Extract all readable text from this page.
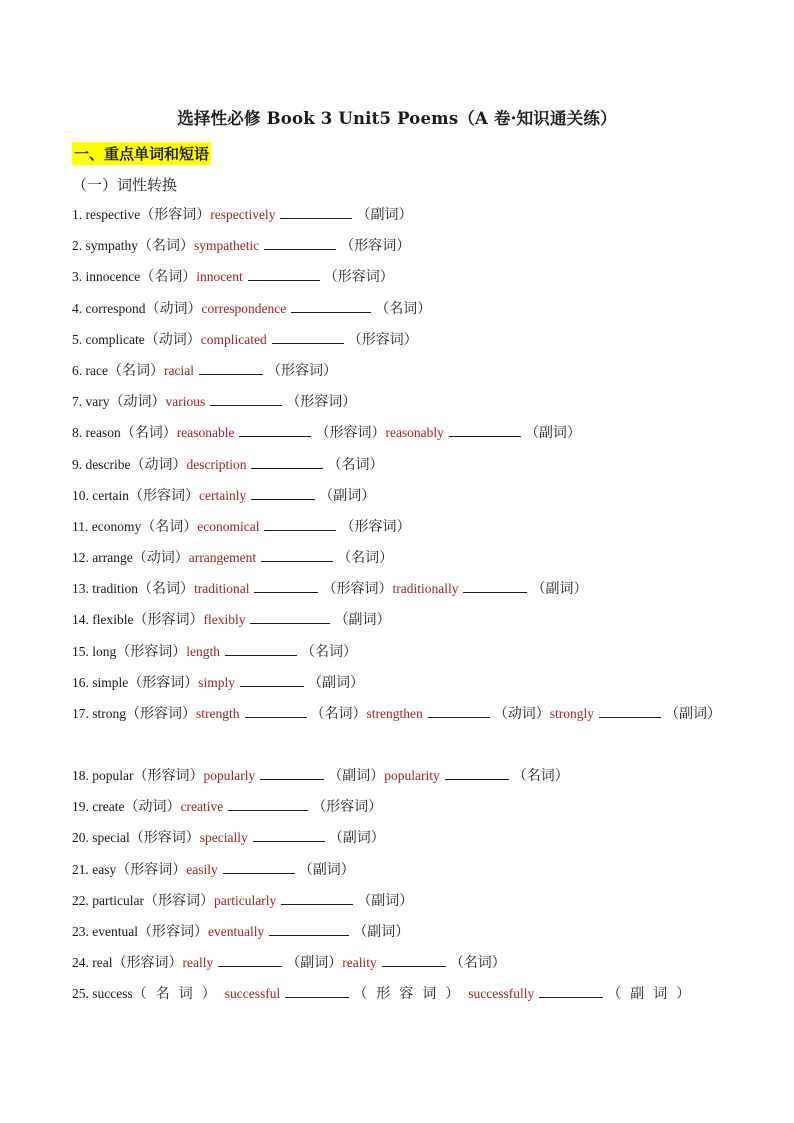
选择性必修 Book 3 Unit5 Poems（A 卷·知识通关练）
一、重点单词和短语
（一）词性转换
1. respective（形容词）respectively	（副词）
2. sympathy（名词）sympathetic	（形容词）
3. innocence（名词）innocent	（形容词）
4. correspond（动词）correspondence	（名词）
5. complicate（动词）complicated	（形容词）
6. race（名词）racial	（形容词）
7. vary（动词）various	（形容词）
8. reason（名词）reasonable	（形容词）reasonably	（副词）
9. describe（动词）description	（名词）
10. certain（形容词）certainly	（副词）
11. economy（名词）economical	（形容词）
12. arrange（动词）arrangement	（名词）
13. tradition（名词）traditional	（形容词）traditionally	（副词）
14. flexible（形容词）flexibly	（副词）
15. long（形容词）length	（名词）
16. simple（形容词）simply	（副词）
17. strong（形容词）strength	（名词）strengthen	（动词）strongly	（副词）
18. popular（形容词）popularly	（副词）popularity	（名词）
19. create（动词）creative	（形容词）
20. special（形容词）specially	（副词）
21. easy（形容词）easily	（副词）
22. particular（形容词）particularly	（副词）
23. eventual（形容词）eventually	（副词）
24. real（形容词）really	（副词）reality	（名词）
25. success（名词）successful	（形容词）successfully	（副词）
